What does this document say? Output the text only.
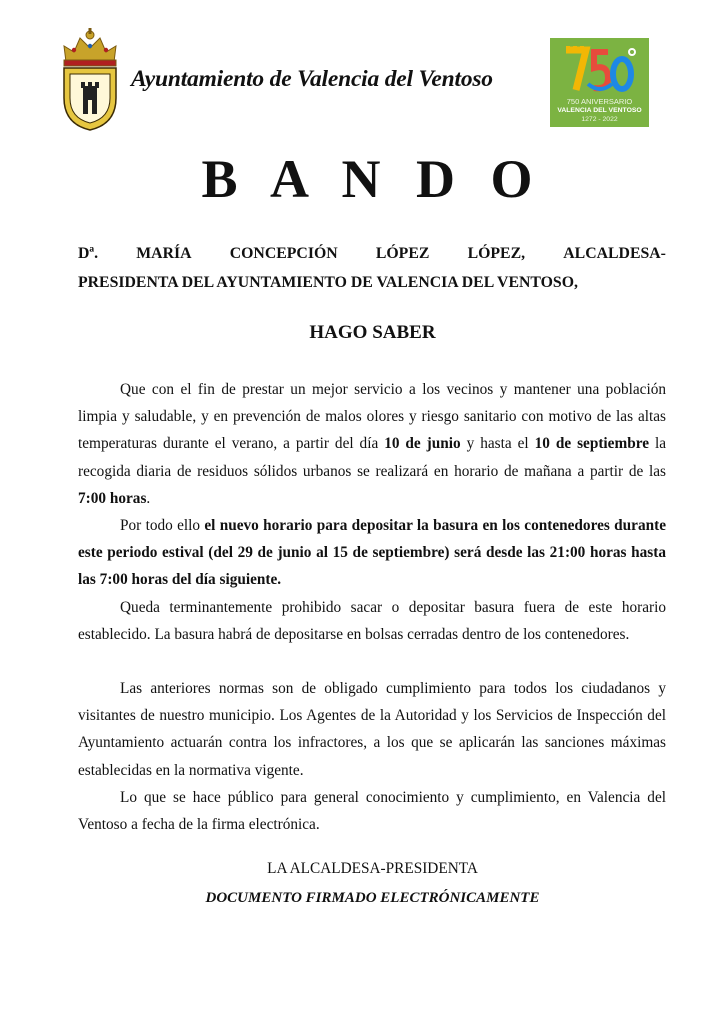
Ayuntamiento de Valencia del Ventoso
750 ANIVERSARIO
VALENCIA DEL VENTOSO
1272 - 2022
B A N D O
Dª. MARÍA CONCEPCIÓN LÓPEZ LÓPEZ, ALCALDESA-
PRESIDENTA DEL AYUNTAMIENTO DE VALENCIA DEL VENTOSO,
HAGO SABER

Que con el fin de prestar un mejor servicio a los vecinos y mantener una población limpia y saludable, y en prevención de malos olores y riesgo sanitario con motivo de las altas temperaturas durante el verano, a partir del día 10 de junio y hasta el 10 de septiembre la recogida diaria de residuos sólidos urbanos se realizará en horario de mañana a partir de las 7:00 horas.

Por todo ello el nuevo horario para depositar la basura en los contenedores durante este periodo estival (del 29 de junio al 15 de septiembre) será desde las 21:00 horas hasta las 7:00 horas del día siguiente.

Queda terminantemente prohibido sacar o depositar basura fuera de este horario establecido. La basura habrá de depositarse en bolsas cerradas dentro de los contenedores.

Las anteriores normas son de obligado cumplimiento para todos los ciudadanos y visitantes de nuestro municipio. Los Agentes de la Autoridad y los Servicios de Inspección del Ayuntamiento actuarán contra los infractores, a los que se aplicarán las sanciones máximas establecidas en la normativa vigente.

Lo que se hace público para general conocimiento y cumplimiento, en Valencia del Ventoso a fecha de la firma electrónica.

LA ALCALDESA-PRESIDENTA
DOCUMENTO FIRMADO ELECTRÓNICAMENTE
